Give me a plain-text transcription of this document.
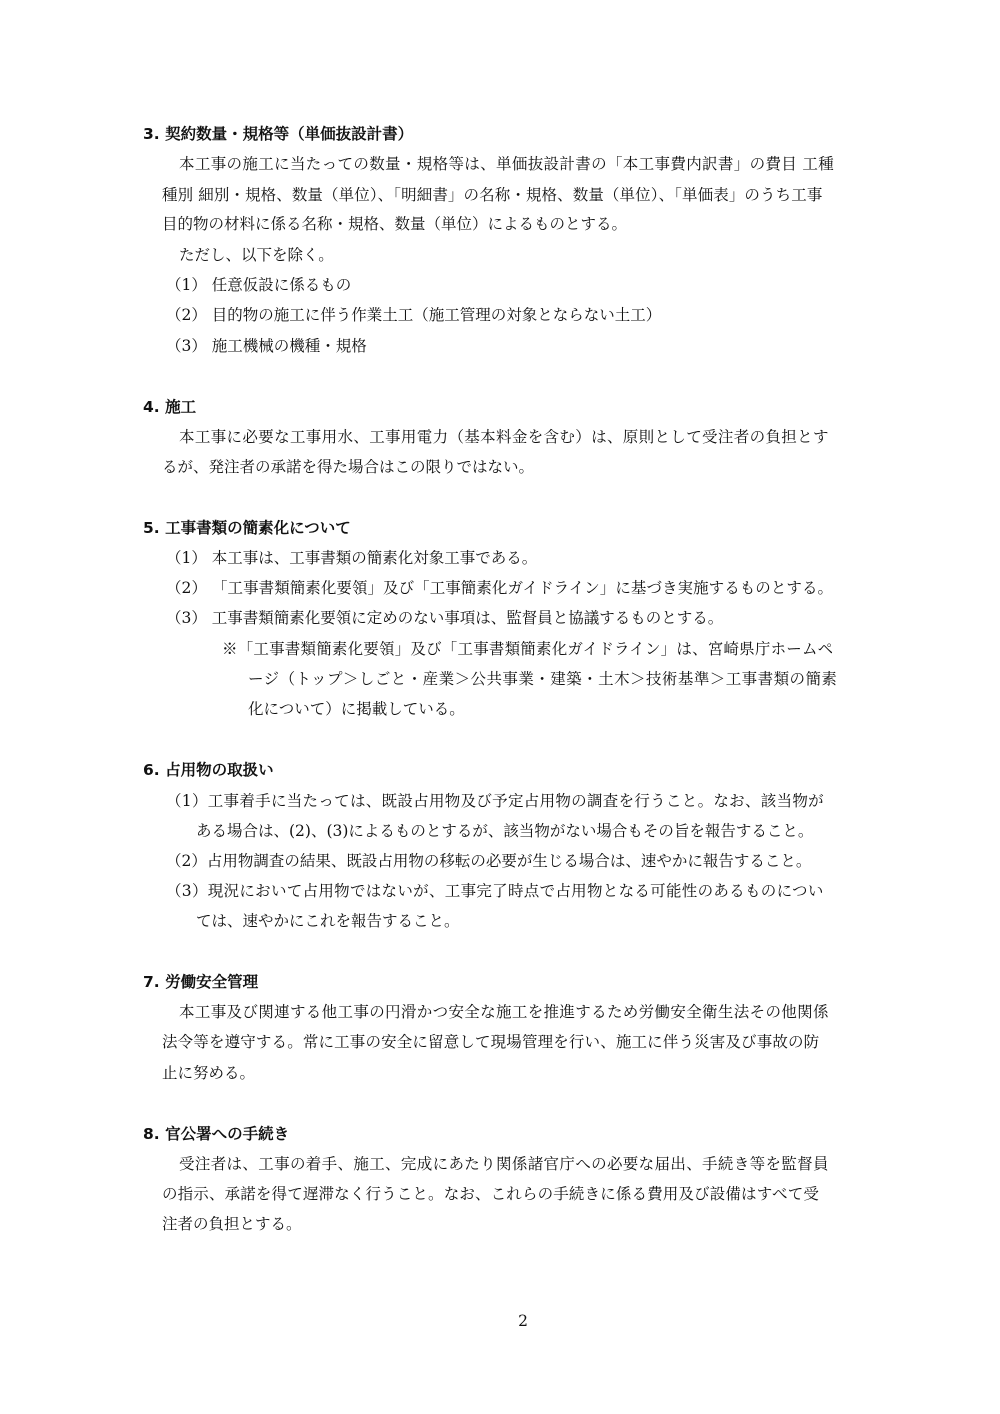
3. 契約数量・規格等（単価抜設計書）
本工事の施工に当たっての数量・規格等は、単価抜設計書の「本工事費内訳書」の費目 工種
種別 細別・規格、数量（単位）、「明細書」の名称・規格、数量（単位）、「単価表」のうち工事
目的物の材料に係る名称・規格、数量（単位）によるものとする。
ただし、以下を除く。
（1） 任意仮設に係るもの
（2） 目的物の施工に伴う作業土工（施工管理の対象とならない土工）
（3） 施工機械の機種・規格
4. 施工
本工事に必要な工事用水、工事用電力（基本料金を含む）は、原則として受注者の負担とす
るが、発注者の承諾を得た場合はこの限りではない。
5. 工事書類の簡素化について
（1） 本工事は、工事書類の簡素化対象工事である。
（2） 「工事書類簡素化要領」及び「工事簡素化ガイドライン」に基づき実施するものとする。
（3） 工事書類簡素化要領に定めのない事項は、監督員と協議するものとする。
※「工事書類簡素化要領」及び「工事書類簡素化ガイドライン」は、宮崎県庁ホームペ
ージ（トップ＞しごと・産業＞公共事業・建築・土木＞技術基準＞工事書類の簡素
化について）に掲載している。
6. 占用物の取扱い
（1）工事着手に当たっては、既設占用物及び予定占用物の調査を行うこと。なお、該当物が
ある場合は、(2)、(3)によるものとするが、該当物がない場合もその旨を報告すること。
（2）占用物調査の結果、既設占用物の移転の必要が生じる場合は、速やかに報告すること。
（3）現況において占用物ではないが、工事完了時点で占用物となる可能性のあるものについ
ては、速やかにこれを報告すること。
7. 労働安全管理
本工事及び関連する他工事の円滑かつ安全な施工を推進するため労働安全衛生法その他関係
法令等を遵守する。常に工事の安全に留意して現場管理を行い、施工に伴う災害及び事故の防
止に努める。
8. 官公署への手続き
受注者は、工事の着手、施工、完成にあたり関係諸官庁への必要な届出、手続き等を監督員
の指示、承諾を得て遅滞なく行うこと。なお、これらの手続きに係る費用及び設備はすべて受
注者の負担とする。
2
